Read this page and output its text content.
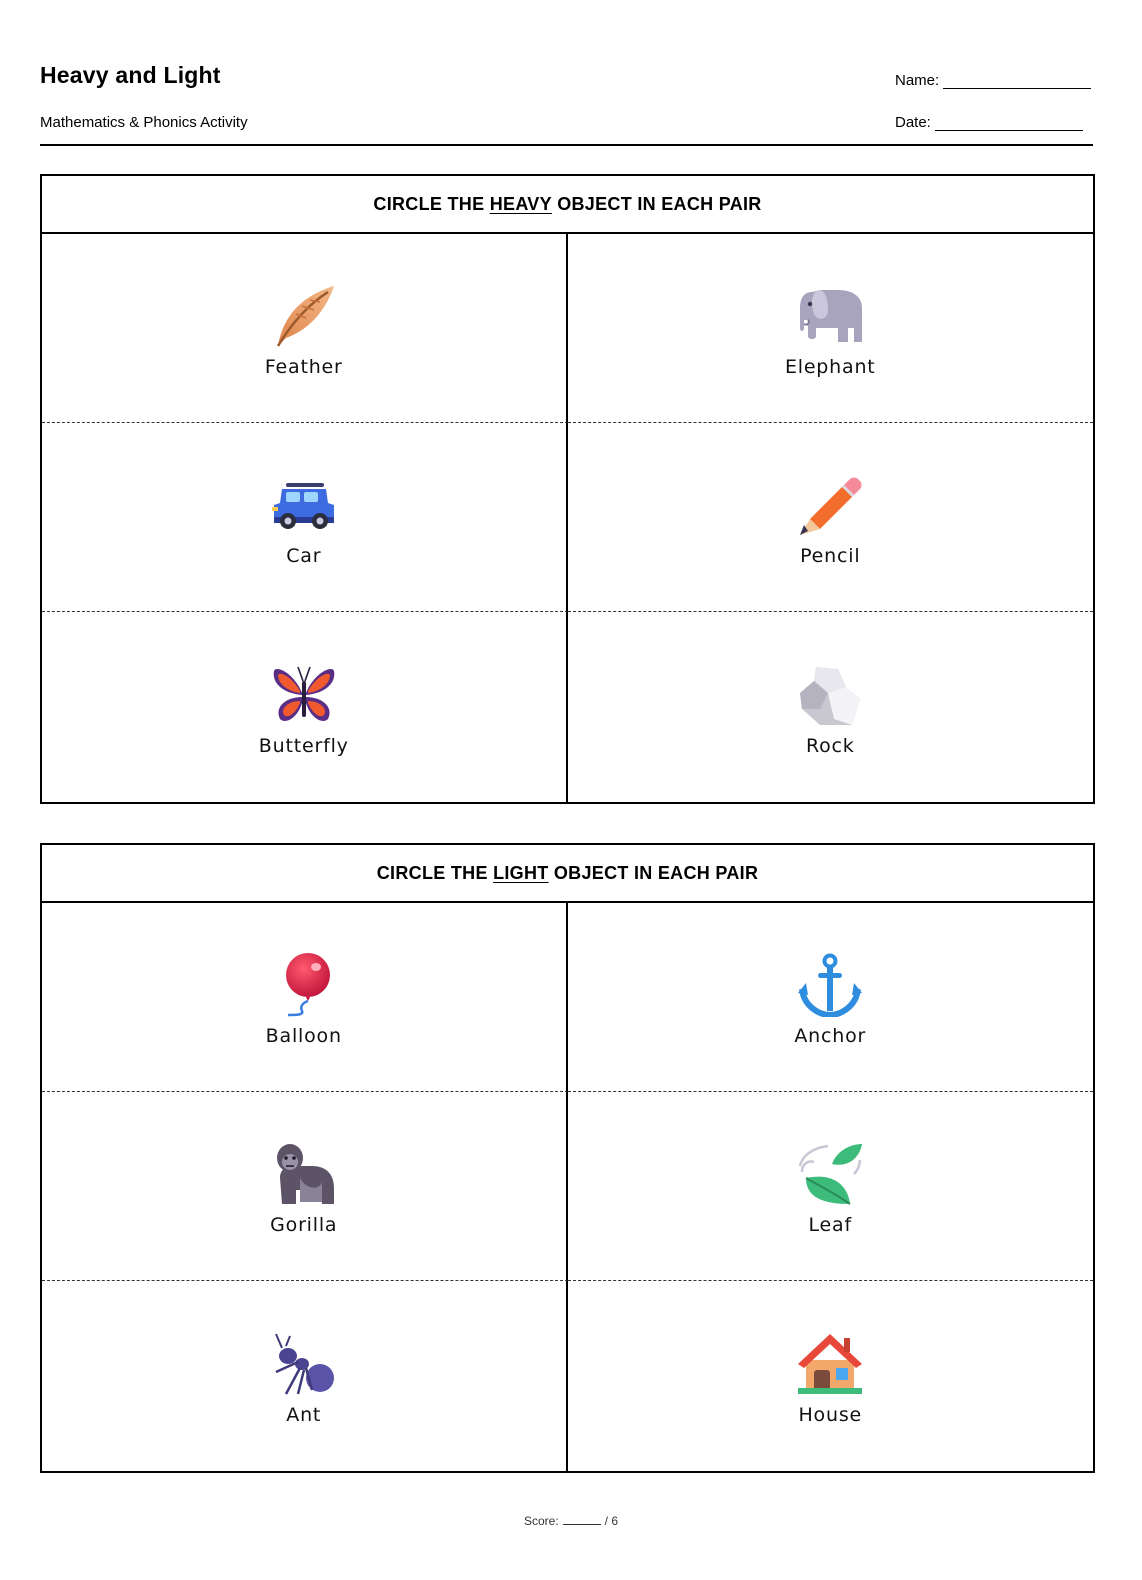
Heavy and Light
Mathematics & Phonics Activity
Name:
Date:
CIRCLE THE HEAVY OBJECT IN EACH PAIR
Feather	Elephant
Car	Pencil
Butterfly	Rock
CIRCLE THE LIGHT OBJECT IN EACH PAIR
Balloon	Anchor
Gorilla	Leaf
Ant	House
Score:	/ 6
